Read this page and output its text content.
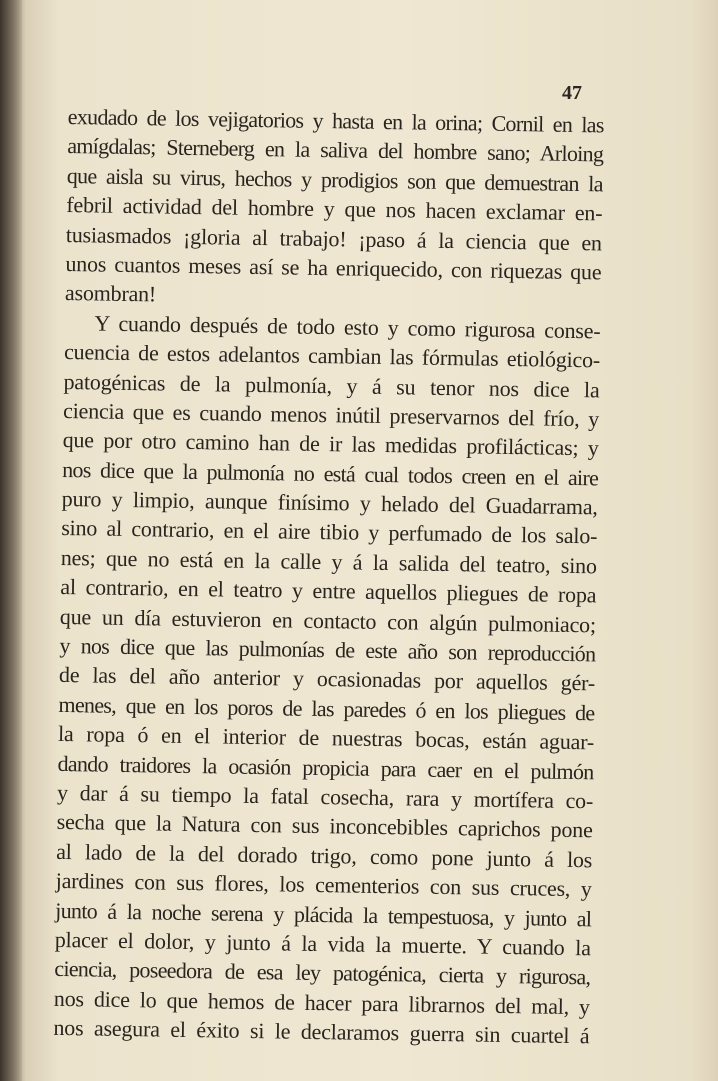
47
exudado de los vejigatorios y hasta en la orina; Cornil en las
amígdalas; Sterneberg en la saliva del hombre sano; Arloing
que aisla su virus, hechos y prodigios son que demuestran la
febril actividad del hombre y que nos hacen exclamar en-
tusiasmados ¡gloria al trabajo! ¡paso á la ciencia que en
unos cuantos meses así se ha enriquecido, con riquezas que
asombran!
Y cuando después de todo esto y como rigurosa conse-
cuencia de estos adelantos cambian las fórmulas etiológico-
patogénicas de la pulmonía, y á su tenor nos dice la
ciencia que es cuando menos inútil preservarnos del frío, y
que por otro camino han de ir las medidas profilácticas; y
nos dice que la pulmonía no está cual todos creen en el aire
puro y limpio, aunque finísimo y helado del Guadarrama,
sino al contrario, en el aire tibio y perfumado de los salo-
nes; que no está en la calle y á la salida del teatro, sino
al contrario, en el teatro y entre aquellos pliegues de ropa
que un día estuvieron en contacto con algún pulmoniaco;
y nos dice que las pulmonías de este año son reproducción
de las del año anterior y ocasionadas por aquellos gér-
menes, que en los poros de las paredes ó en los pliegues de
la ropa ó en el interior de nuestras bocas, están aguar-
dando traidores la ocasión propicia para caer en el pulmón
y dar á su tiempo la fatal cosecha, rara y mortífera co-
secha que la Natura con sus inconcebibles caprichos pone
al lado de la del dorado trigo, como pone junto á los
jardines con sus flores, los cementerios con sus cruces, y
junto á la noche serena y plácida la tempestuosa, y junto al
placer el dolor, y junto á la vida la muerte. Y cuando la
ciencia, poseedora de esa ley patogénica, cierta y rigurosa,
nos dice lo que hemos de hacer para librarnos del mal, y
nos asegura el éxito si le declaramos guerra sin cuartel á
